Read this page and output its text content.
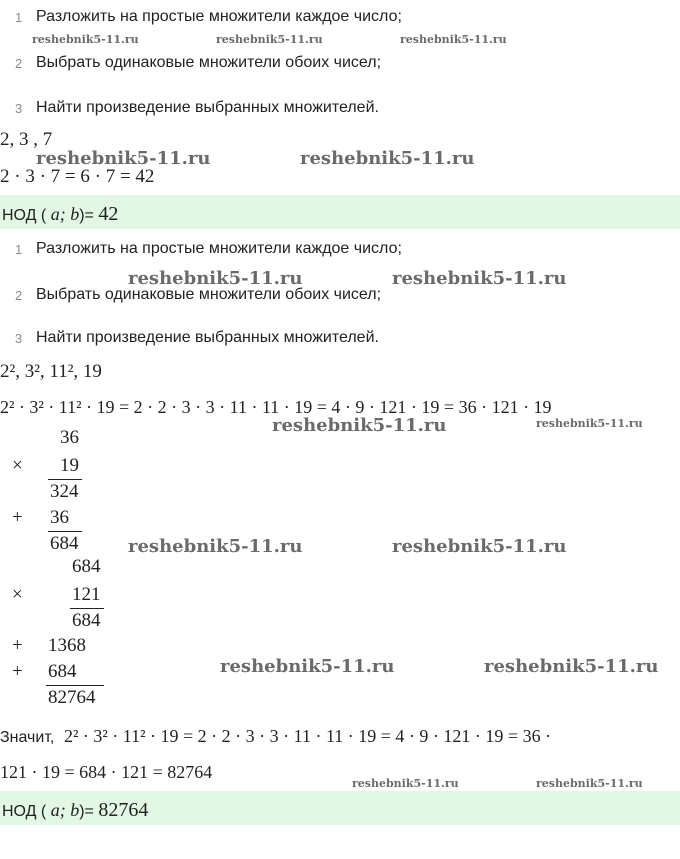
1 Разложить на простые множители каждое число;
2 Выбрать одинаковые множители обоих чисел;
3 Найти произведение выбранных множителей.
2, 3 , 7
2 · 3 · 7 = 6 · 7 = 42
НОД ( a; b)= 42
1 Разложить на простые множители каждое число;
2 Выбрать одинаковые множители обоих чисел;
3 Найти произведение выбранных множителей.
2², 3², 11², 19
2² · 3² · 11² · 19 = 2 · 2 · 3 · 3 · 11 · 11 · 19 = 4 · 9 · 121 · 19 = 36 · 121 · 19
36
× 19
324
+ 36
684
684
×	121
684
+ 1368
+ 684
82764
Значит, 2² · 3² · 11² · 19 = 2 · 2 · 3 · 3 · 11 · 11 · 19 = 4 · 9 · 121 · 19 = 36 ·
121 · 19 = 684 · 121 = 82764
НОД ( a; b)= 82764
reshebnik5-11.ru	reshebnik5-11.ru	reshebnik5-11.ru
reshebnik5-11.ru	reshebnik5-11.ru
reshebnik5-11.ru	reshebnik5-11.ru
reshebnik5-11.ru	reshebnik5-11.ru
reshebnik5-11.ru	reshebnik5-11.ru
reshebnik5-11.ru	reshebnik5-11.ru
reshebnik5-11.ru	reshebnik5-11.ru
